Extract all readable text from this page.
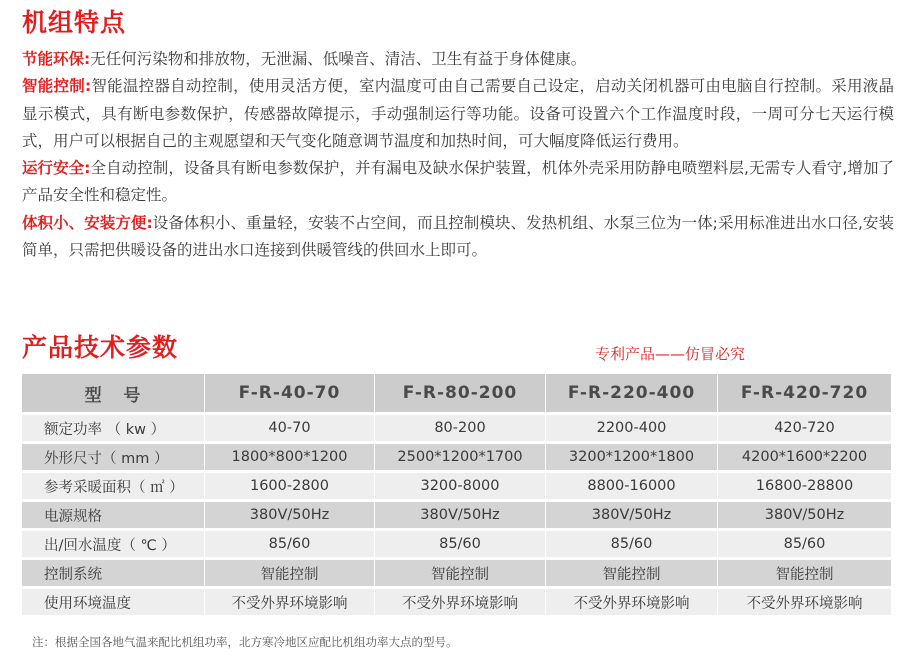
机组特点

节能环保:无任何污染物和排放物，无泄漏、低噪音、清洁、卫生有益于身体健康。

智能控制:智能温控器自动控制，使用灵活方便，室内温度可由自己需要自己设定，启动关闭机器可由电脑自行控制。采用液晶显示模式，具有断电参数保护，传感器故障提示，手动强制运行等功能。设备可设置六个工作温度时段，一周可分七天运行模式，用户可以根据自己的主观愿望和天气变化随意调节温度和加热时间，可大幅度降低运行费用。

运行安全:全自动控制，设备具有断电参数保护，并有漏电及缺水保护装置，机体外壳采用防静电喷塑料层,无需专人看守,增加了产品安全性和稳定性。

体积小、安装方便:设备体积小、重量轻，安装不占空间，而且控制模块、发热机组、水泵三位为一体;采用标准进出水口径,安装简单，只需把供暖设备的进出水口连接到供暖管线的供回水上即可。

产品技术参数	专利产品——仿冒必究
型   号	F-R-40-70	F-R-80-200	F-R-220-400	F-R-420-720
额定功率 （ kw ）	40-70	80-200	2200-400	420-720
外形尺寸（ mm ）	1800*800*1200	2500*1200*1700	3200*1200*1800	4200*1600*2200
参考采暖面积（ ㎡ ）	1600-2800	3200-8000	8800-16000	16800-28800
电源规格	380V/50Hz	380V/50Hz	380V/50Hz	380V/50Hz
出/回水温度（ ℃ ）	85/60	85/60	85/60	85/60
控制系统	智能控制	智能控制	智能控制	智能控制
使用环境温度	不受外界环境影响	不受外界环境影响	不受外界环境影响	不受外界环境影响
注：根据全国各地气温来配比机组功率，北方寒冷地区应配比机组功率大点的型号。
